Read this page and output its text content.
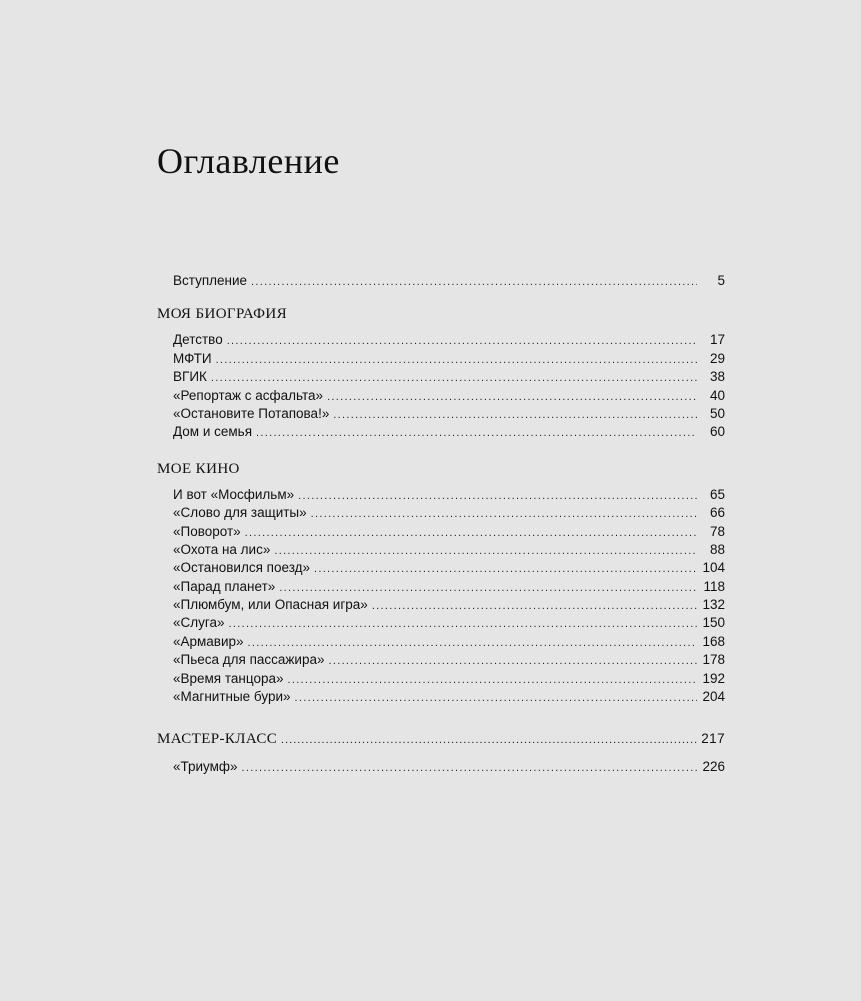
Оглавление
Вступление .....	5
МОЯ БИОГРАФИЯ
Детство .....	17
МФТИ .....	29
ВГИК .....	38
«Репортаж с асфальта» .....	40
«Остановите Потапова!» .....	50
Дом и семья .....	60
МОЕ КИНО
И вот «Мосфильм» .....	65
«Слово для защиты» .....	66
«Поворот» .....	78
«Охота на лис» .....	88
«Остановился поезд» .....	104
«Парад планет» .....	118
«Плюмбум, или Опасная игра» .....	132
«Слуга» .....	150
«Армавир» .....	168
«Пьеса для пассажира» .....	178
«Время танцора» .....	192
«Магнитные бури» .....	204
МАСТЕР-КЛАСС .....	217
«Триумф» .....	226
